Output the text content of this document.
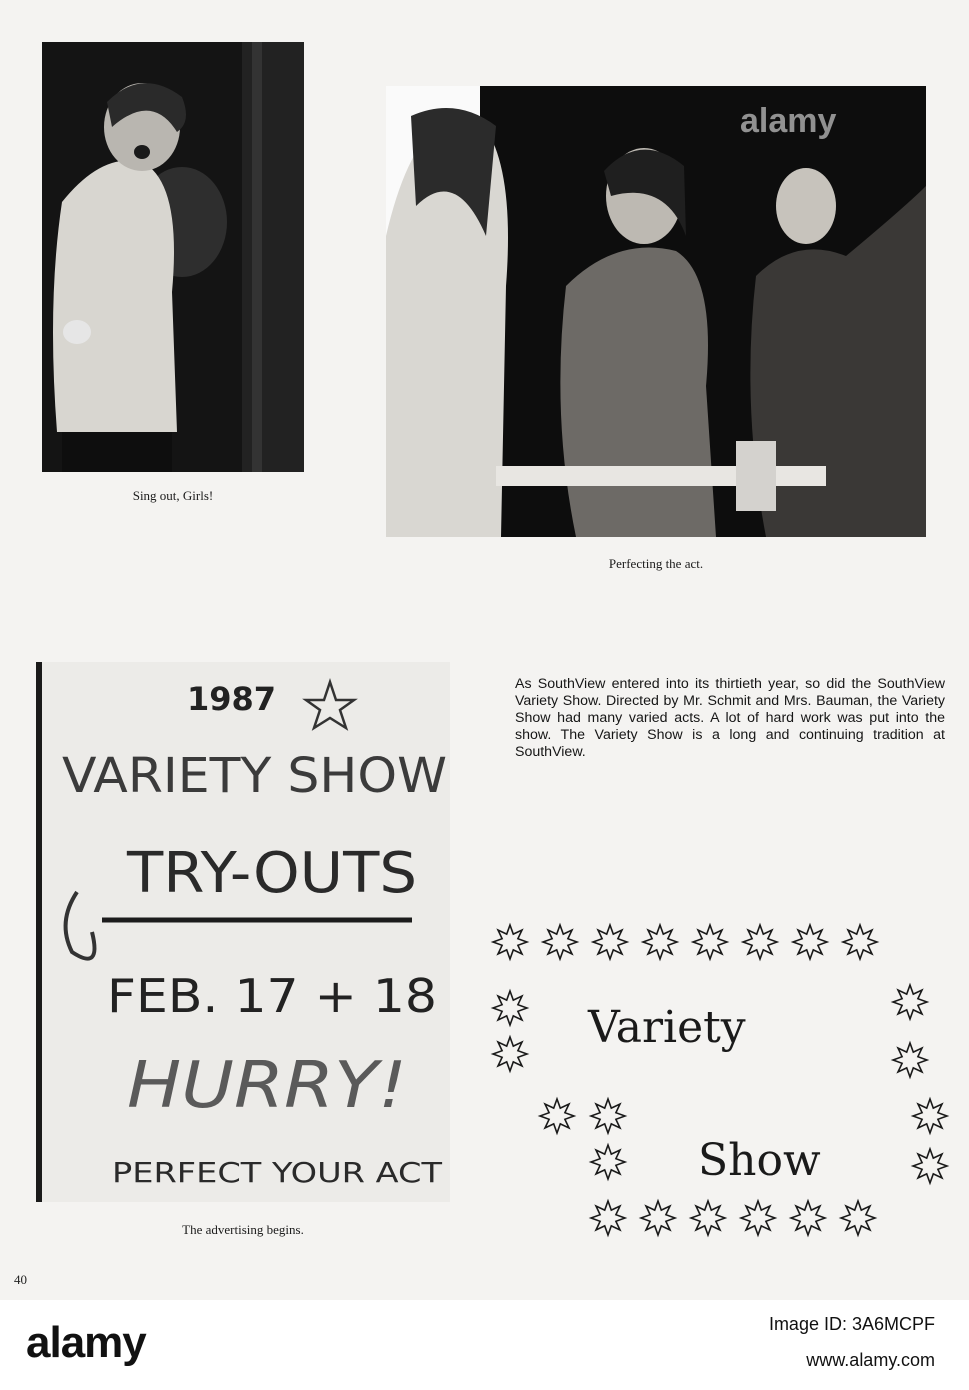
Sing out, Girls!
Perfecting the act.
1987
VARIETY SHOW
TRY-OUTS
FEB. 17 + 18
HURRY!
PERFECT YOUR ACT
The advertising begins.

As SouthView entered into its thirtieth year, so did the SouthView Variety Show. Directed by Mr. Schmit and Mrs. Bauman, the Variety Show had many varied acts. A lot of hard work was put into the show. The Variety Show is a long and continuing tradition at SouthView.

Variety
Show
40
alamy
alamy	Image ID: 3A6MCPF
www.alamy.com
